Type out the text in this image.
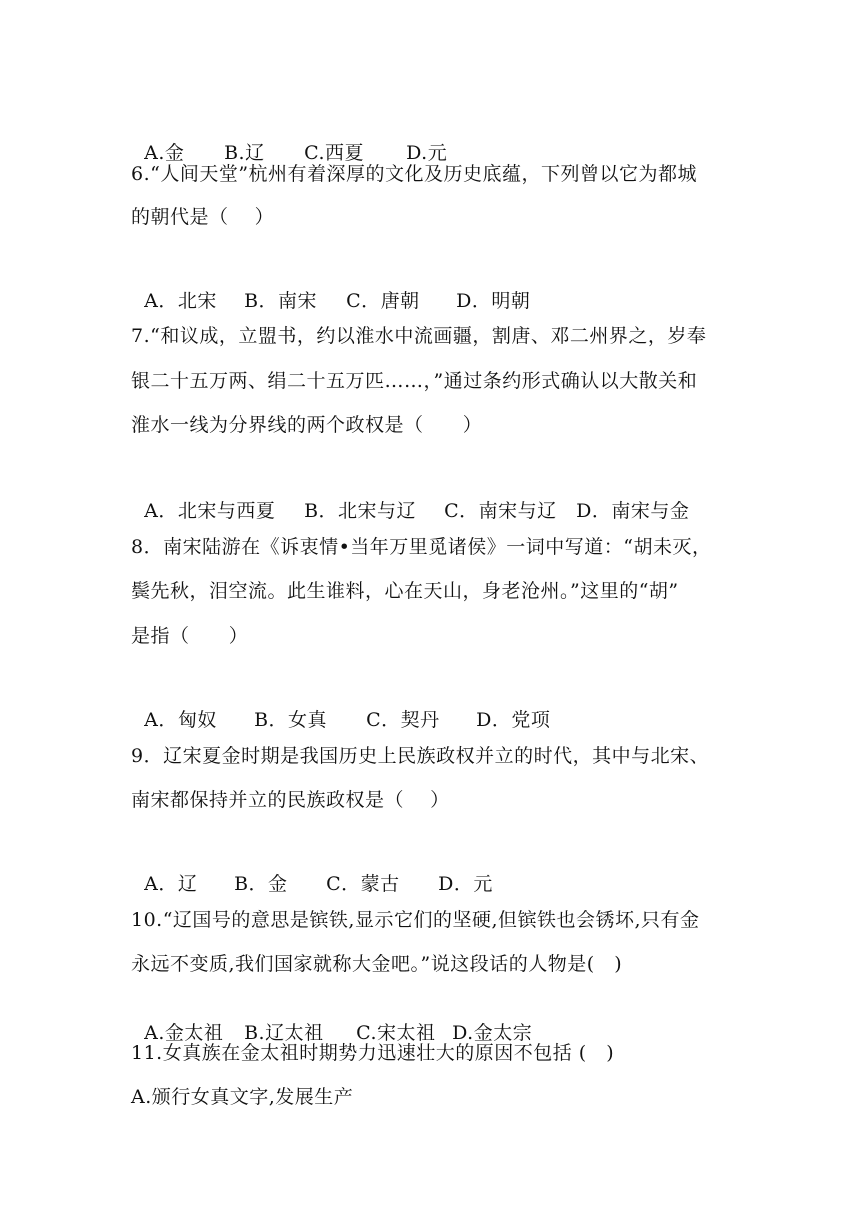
A.金 B.辽 C.西夏 D.元

6.“人间天堂”杭州有着深厚的文化及历史底蕴，下列曾以它为都城
的朝代是（    ）

A．北宋 B．南宋 C．唐朝 D．明朝

7.“和议成，立盟书，约以淮水中流画疆，割唐、邓二州界之，岁奉
银二十五万两、绢二十五万匹……，”通过条约形式确认以大散关和
淮水一线为分界线的两个政权是（      ）

A．北宋与西夏 B．北宋与辽 C．南宋与辽 D．南宋与金

8．南宋陆游在《诉衷情•当年万里觅诸侯》一词中写道：“胡未灭，
鬓先秋，泪空流。此生谁料，心在天山，身老沧州。”这里的“胡”
是指（      ）

A．匈奴 B．女真 C．契丹 D．党项

9．辽宋夏金时期是我国历史上民族政权并立的时代，其中与北宋、
南宋都保持并立的民族政权是（    ）

A．辽 B．金 C．蒙古 D．元

10.“辽国号的意思是镔铁,显示它们的坚硬,但镔铁也会锈坏,只有金
永远不变质,我们国家就称大金吧。”说这段话的人物是(   )

A.金太祖 B.辽太祖 C.宋太祖 D.金太宗

11.女真族在金太祖时期势力迅速壮大的原因不包括 (   )
A.颁行女真文字,发展生产
